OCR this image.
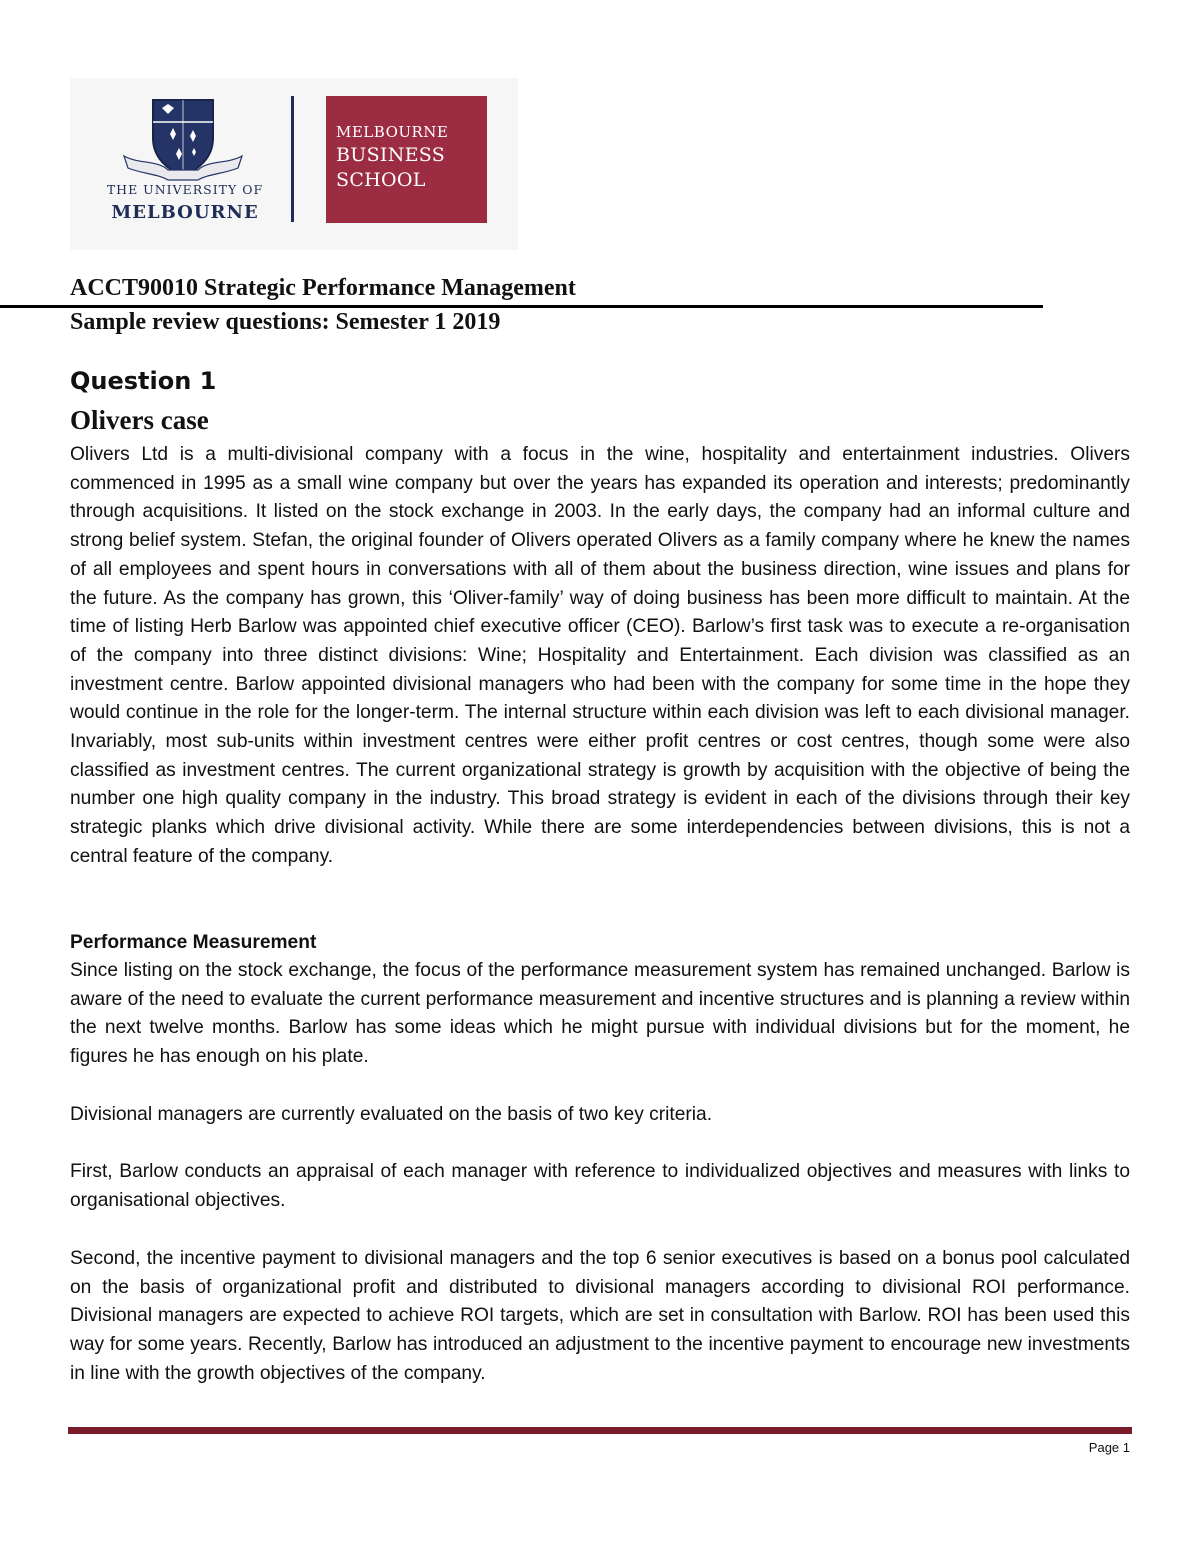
THE UNIVERSITY OF
MELBOURNE
MELBOURNE
BUSINESS
SCHOOL
ACCT90010 Strategic Performance Management
Sample review questions: Semester 1 2019
Question 1
Olivers case

Olivers Ltd is a multi-divisional company with a focus in the wine, hospitality and entertainment industries. Olivers commenced in 1995 as a small wine company but over the years has expanded its operation and interests; predominantly through acquisitions. It listed on the stock exchange in 2003. In the early days, the company had an informal culture and strong belief system. Stefan, the original founder of Olivers operated Olivers as a family company where he knew the names of all employees and spent hours in conversations with all of them about the business direction, wine issues and plans for the future. As the company has grown, this ‘Oliver-family’ way of doing business has been more difficult to maintain. At the time of listing Herb Barlow was appointed chief executive officer (CEO). Barlow’s first task was to execute a re-organisation of the company into three distinct divisions: Wine; Hospitality and Entertainment. Each division was classified as an investment centre. Barlow appointed divisional managers who had been with the company for some time in the hope they would continue in the role for the longer-term. The internal structure within each division was left to each divisional manager. Invariably, most sub-units within investment centres were either profit centres or cost centres, though some were also classified as investment centres. The current organizational strategy is growth by acquisition with the objective of being the number one high quality company in the industry. This broad strategy is evident in each of the divisions through their key strategic planks which drive divisional activity. While there are some interdependencies between divisions, this is not a central feature of the company.

Performance Measurement

Since listing on the stock exchange, the focus of the performance measurement system has remained unchanged. Barlow is aware of the need to evaluate the current performance measurement and incentive structures and is planning a review within the next twelve months. Barlow has some ideas which he might pursue with individual divisions but for the moment, he figures he has enough on his plate.

Divisional managers are currently evaluated on the basis of two key criteria.

First, Barlow conducts an appraisal of each manager with reference to individualized objectives and measures with links to organisational objectives.

Second, the incentive payment to divisional managers and the top 6 senior executives is based on a bonus pool calculated on the basis of organizational profit and distributed to divisional managers according to divisional ROI performance. Divisional managers are expected to achieve ROI targets, which are set in consultation with Barlow. ROI has been used this way for some years. Recently, Barlow has introduced an adjustment to the incentive payment to encourage new investments in line with the growth objectives of the company.

Page 1
